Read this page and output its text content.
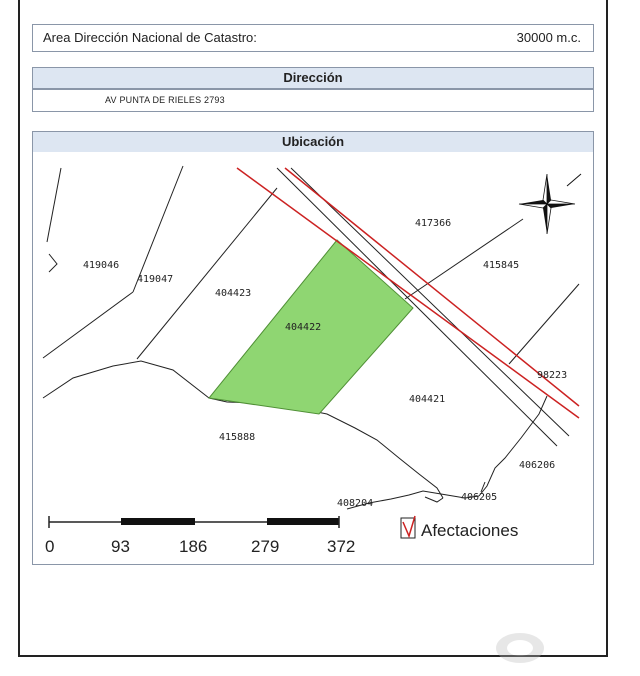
Area Dirección Nacional de Catastro:	30000 m.c.
Dirección
AV PUNTA DE RIELES 2793
Ubicación
419046
419047
404423
404422
417366
415845
98223
404421
415888
406206
406205
408204
0	93	186	279	372
Afectaciones
